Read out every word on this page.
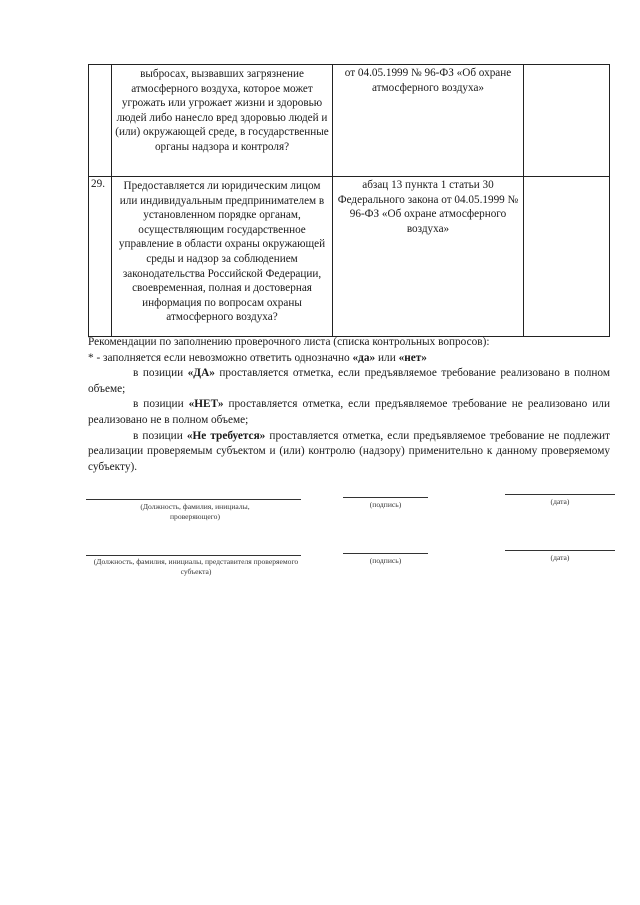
	выбросах, вызвавших загрязнение атмосферного воздуха, которое может угрожать или угрожает жизни и здоровью людей либо нанесло вред здоровью людей и (или) окружающей среде, в государственные органы надзора и контроля?	от 04.05.1999 № 96-ФЗ «Об охране атмосферного воздуха»	
29.	Предоставляется ли юридическим лицом или индивидуальным предпринимателем в установленном порядке органам, осуществляющим государственное управление в области охраны окружающей среды и надзор за соблюдением законодательства Российской Федерации, своевременная, полная и достоверная информация по вопросам охраны атмосферного воздуха?	абзац 13 пункта 1 статьи 30 Федерального закона от 04.05.1999 № 96-ФЗ «Об охране атмосферного воздуха»	

Рекомендации по заполнению проверочного листа (списка контрольных вопросов):

* - заполняется если невозможно ответить однозначно «да» или «нет»

в позиции «ДА» проставляется отметка, если предъявляемое требование реализовано в полном объеме;

в позиции «НЕТ» проставляется отметка, если предъявляемое требование не реализовано или реализовано не в полном объеме;

в позиции «Не требуется» проставляется отметка, если предъявляемое требование не подлежит реализации проверяемым субъектом и (или) контролю (надзору) применительно к данному проверяемому субъекту).

(Должность, фамилия, инициалы, проверяющего)
(подпись)	(дата)
(Должность, фамилия, инициалы, представителя проверяемого субъекта)
(подпись)	(дата)
